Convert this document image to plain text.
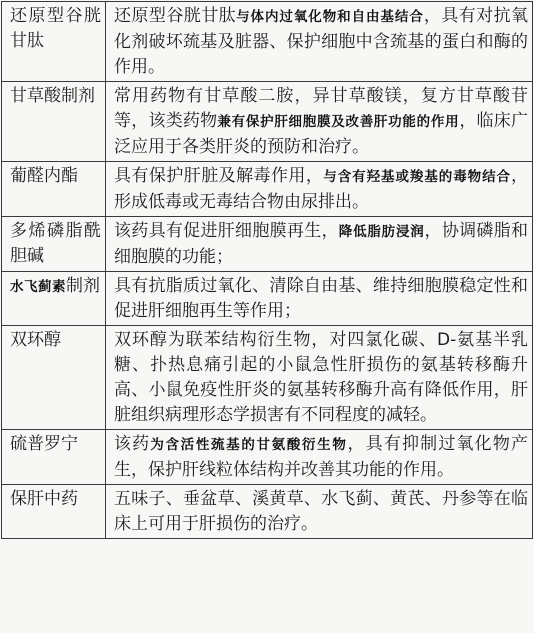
还原型谷胱甘肽	还原型谷胱甘肽与体内过氧化物和自由基结合，具有对抗氧化剂破坏巯基及脏器、保护细胞中含巯基的蛋白和酶的作用。
甘草酸制剂	常用药物有甘草酸二胺，异甘草酸镁，复方甘草酸苷等，该类药物兼有保护肝细胞膜及改善肝功能的作用，临床广泛应用于各类肝炎的预防和治疗。
葡醛内酯	具有保护肝脏及解毒作用，与含有羟基或羧基的毒物结合，形成低毒或无毒结合物由尿排出。
多烯磷脂酰胆碱	该药具有促进肝细胞膜再生，降低脂肪浸润，协调磷脂和细胞膜的功能；
水飞蓟素制剂	具有抗脂质过氧化、清除自由基、维持细胞膜稳定性和促进肝细胞再生等作用；
双环醇	双环醇为联苯结构衍生物，对四氯化碳、D-氨基半乳糖、扑热息痛引起的小鼠急性肝损伤的氨基转移酶升高、小鼠免疫性肝炎的氨基转移酶升高有降低作用，肝脏组织病理形态学损害有不同程度的减轻。
硫普罗宁	该药为含活性巯基的甘氨酸衍生物，具有抑制过氧化物产生，保护肝线粒体结构并改善其功能的作用。
保肝中药	五味子、垂盆草、溪黄草、水飞蓟、黄芪、丹参等在临床上可用于肝损伤的治疗。
